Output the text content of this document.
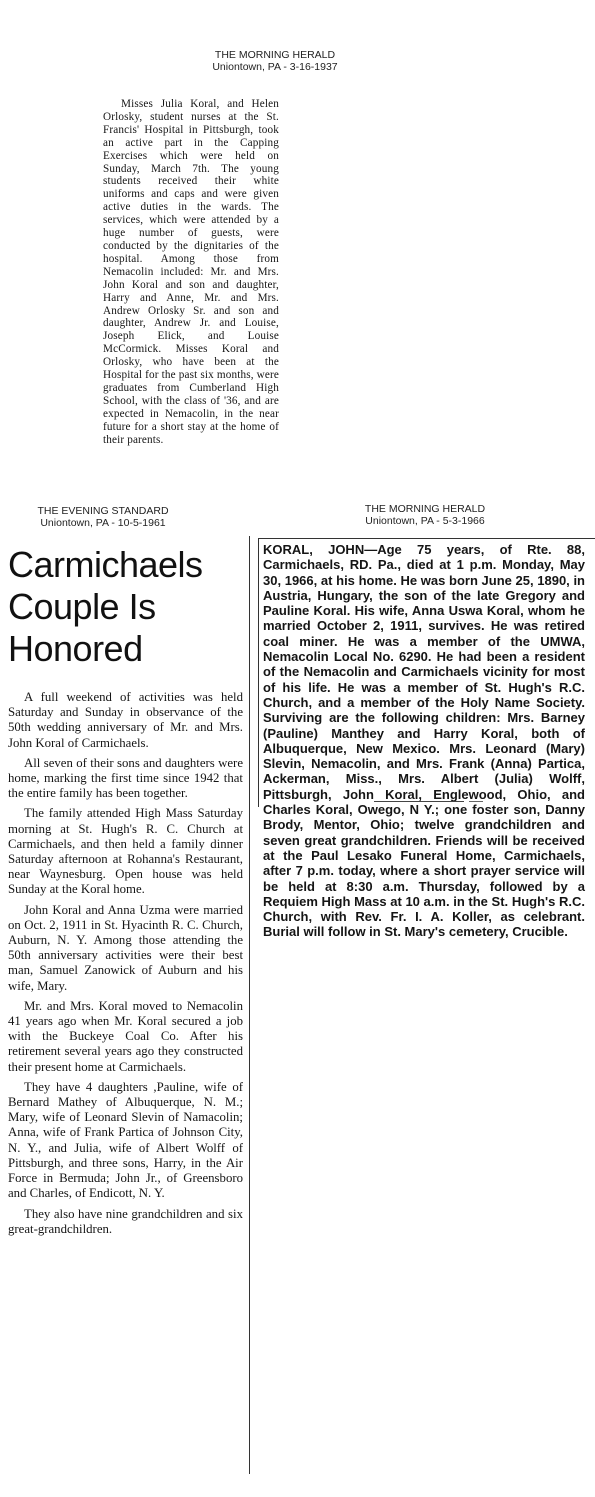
THE MORNING HERALD
Uniontown, PA - 3-16-1937

Misses Julia Koral, and Helen Orlosky, student nurses at the St. Francis' Hospital in Pittsburgh, took an active part in the Capping Exercises which were held on Sunday, March 7th. The young students received their white uniforms and caps and were given active duties in the wards. The services, which were attended by a huge number of guests, were conducted by the dignitaries of the hospital. Among those from Nemacolin included: Mr. and Mrs. John Koral and son and daughter, Harry and Anne, Mr. and Mrs. Andrew Orlosky Sr. and son and daughter, Andrew Jr. and Louise, Joseph Elick, and Louise McCormick. Misses Koral and Orlosky, who have been at the Hospital for the past six months, were graduates from Cumberland High School, with the class of '36, and are expected in Nemacolin, in the near future for a short stay at the home of their parents.

THE EVENING STANDARD
Uniontown, PA - 10-5-1961
Carmichaels
Couple Is
Honored

A full weekend of activities was held Saturday and Sunday in observance of the 50th wedding anniversary of Mr. and Mrs. John Koral of Carmichaels.

All seven of their sons and daughters were home, marking the first time since 1942 that the entire family has been together.

The family attended High Mass Saturday morning at St. Hugh's R. C. Church at Carmichaels, and then held a family dinner Saturday afternoon at Rohanna's Restaurant, near Waynesburg. Open house was held Sunday at the Koral home.

John Koral and Anna Uzma were married on Oct. 2, 1911 in St. Hyacinth R. C. Church, Auburn, N. Y. Among those attending the 50th anniversary activities were their best man, Samuel Zanowick of Auburn and his wife, Mary.

Mr. and Mrs. Koral moved to Nemacolin 41 years ago when Mr. Koral secured a job with the Buckeye Coal Co. After his retirement several years ago they constructed their present home at Carmichaels.

They have 4 daughters ,Pauline, wife of Bernard Mathey of Albuquerque, N. M.; Mary, wife of Leonard Slevin of Namacolin; Anna, wife of Frank Partica of Johnson City, N. Y., and Julia, wife of Albert Wolff of Pittsburgh, and three sons, Harry, in the Air Force in Bermuda; John Jr., of Greensboro and Charles, of Endicott, N. Y.

They also have nine grandchildren and six great-grandchildren.

THE MORNING HERALD
Uniontown, PA - 5-3-1966

KORAL, JOHN—Age 75 years, of Rte. 88, Carmichaels, RD. Pa., died at 1 p.m. Monday, May 30, 1966, at his home. He was born June 25, 1890, in Austria, Hungary, the son of the late Gregory and Pauline Koral. His wife, Anna Uswa Koral, whom he married October 2, 1911, survives. He was retired coal miner. He was a member of the UMWA, Nemacolin Local No. 6290. He had been a resident of the Nemacolin and Carmichaels vicinity for most of his life. He was a member of St. Hugh's R.C. Church, and a member of the Holy Name Society. Surviving are the following children: Mrs. Barney (Pauline) Manthey and Harry Koral, both of Albuquerque, New Mexico. Mrs. Leonard (Mary) Slevin, Nemacolin, and Mrs. Frank (Anna) Partica, Ackerman, Miss., Mrs. Albert (Julia) Wolff, Pittsburgh, John Koral, Englewood, Ohio, and Charles Koral, Owego, N Y.; one foster son, Danny Brody, Mentor, Ohio; twelve grandchildren and seven great grandchildren. Friends will be received at the Paul Lesako Funeral Home, Carmichaels, after 7 p.m. today, where a short prayer service will be held at 8:30 a.m. Thursday, followed by a Requiem High Mass at 10 a.m. in the St. Hugh's R.C. Church, with Rev. Fr. I. A. Koller, as celebrant. Burial will follow in St. Mary's cemetery, Crucible.
